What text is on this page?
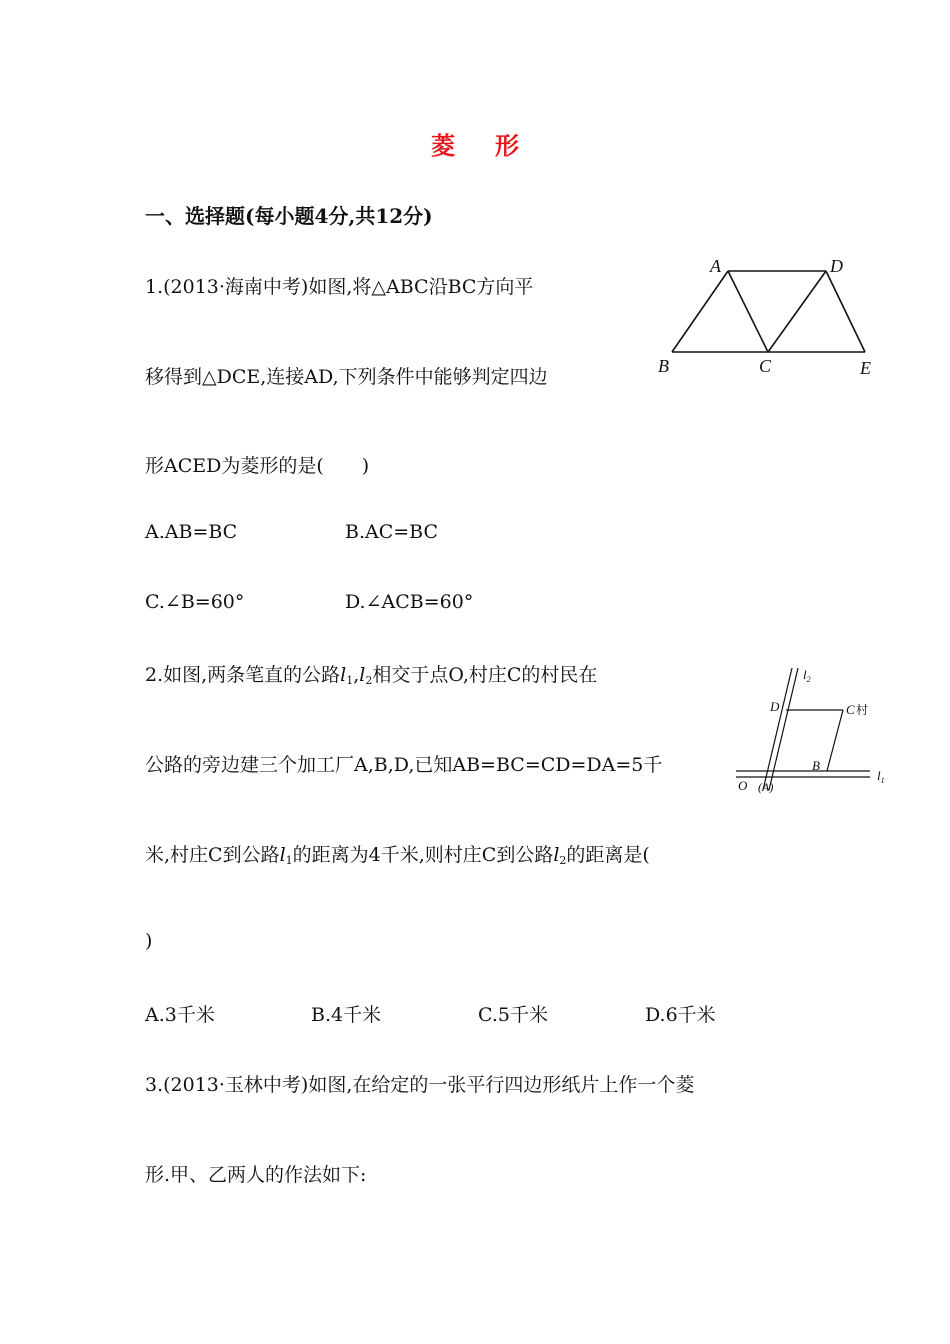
菱 形
一、选择题(每小题4分,共12分)
1.(2013·海南中考)如图,将△ABC沿BC方向平
移得到△DCE,连接AD,下列条件中能够判定四边
形ACED为菱形的是(　　)
A.AB=BC	B.AC=BC
C.∠B=60°	D.∠ACB=60°
A	D
B	C	E
2.如图,两条笔直的公路$l_1,l_2$相交于点O,村庄C的村民在
公路的旁边建三个加工厂A,B,D,已知AB=BC=CD=DA=5千
米,村庄C到公路$l_1$的距离为4千米,则村庄C到公路$l_2$的距离是(
)
A.3千米	B.4千米	C.5千米	D.6千米
$l_2$
$l_1$
D	C 村
B
O (A)
3.(2013·玉林中考)如图,在给定的一张平行四边形纸片上作一个菱
形.甲、乙两人的作法如下:
